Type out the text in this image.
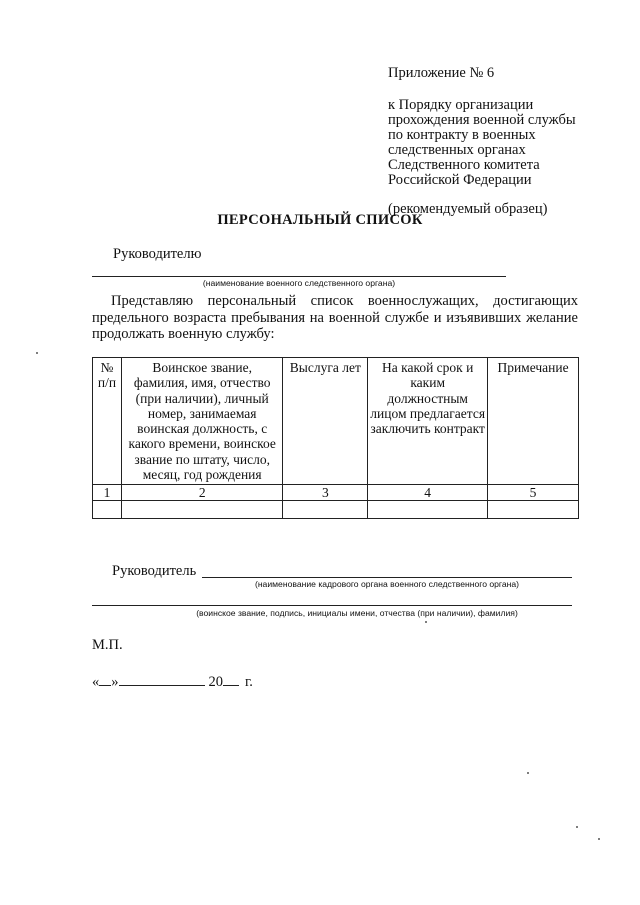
Приложение № 6
к Порядку организации
прохождения военной службы
по контракту в военных
следственных органах
Следственного комитета
Российской Федерации
(рекомендуемый образец)
ПЕРСОНАЛЬНЫЙ СПИСОК
Руководителю
(наименование военного следственного органа)
Представляю персональный список военнослужащих, достигающих предельного возраста пребывания на военной службе и изъявивших желание продолжать военную службу:
№ п/п	Воинское звание, фамилия, имя, отчество (при наличии), личный номер, занимаемая воинская должность, с какого времени, воинское звание по штату, число, месяц, год рождения	Выслуга лет	На какой срок и каким должностным лицом предлагается заключить контракт	Примечание
1	2	3	4	5

Руководитель
(наименование кадрового органа военного следственного органа)
(воинское звание, подпись, инициалы имени, отчества (при наличии), фамилия)
М.П.
« »	20 г.
